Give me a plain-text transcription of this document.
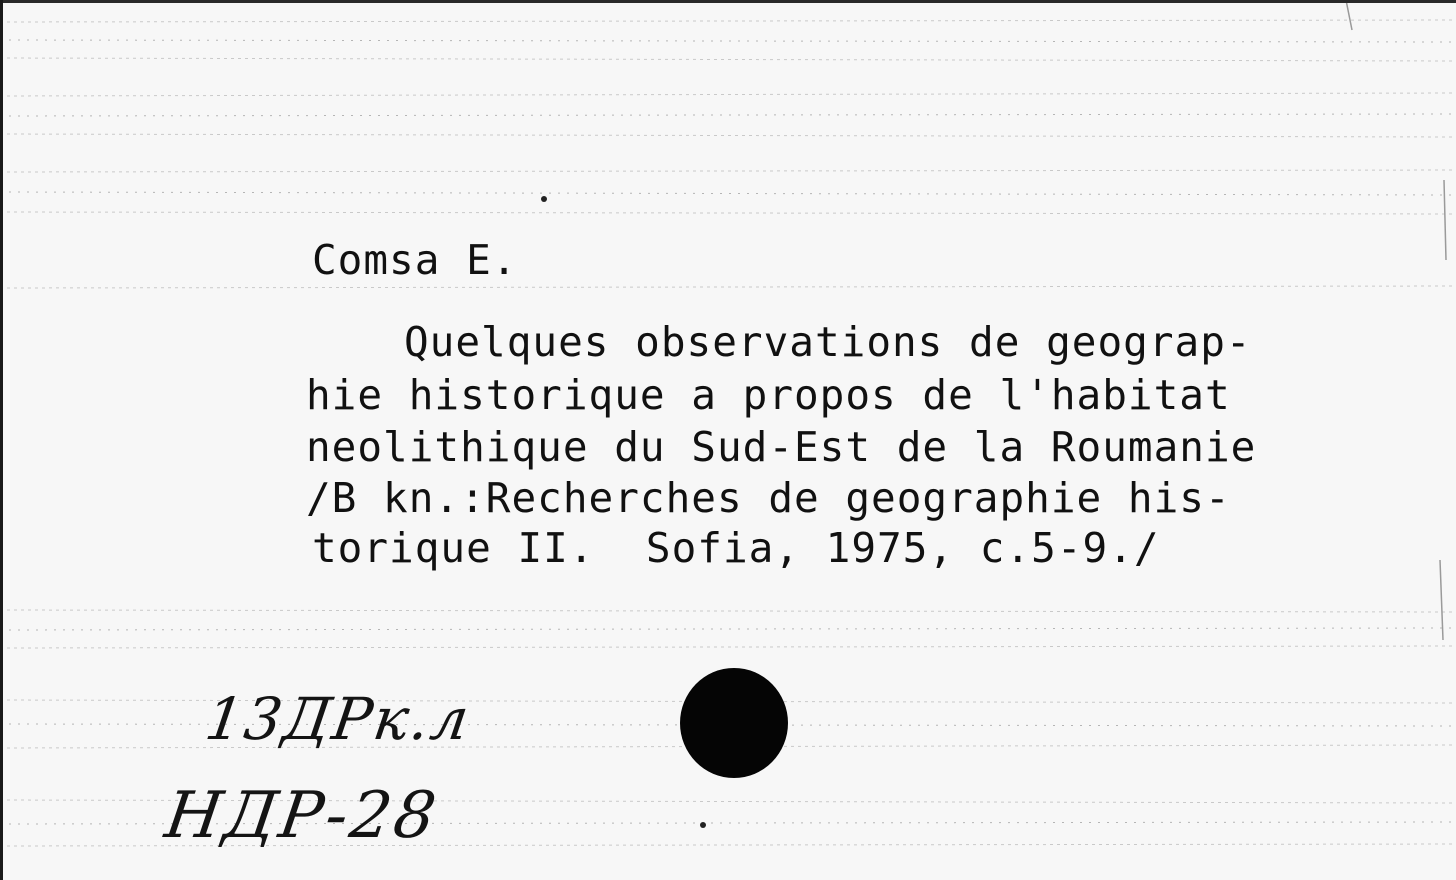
Comsa E.

Quelques observations de geograp-

hie historique a propos de l'habitat

neolithique du Sud-Est de la Roumanie

/B kn.:Recherches de geographie his-

torique II.  Sofia, 1975, c.5-9./

13ДРк.л

НДР-28
